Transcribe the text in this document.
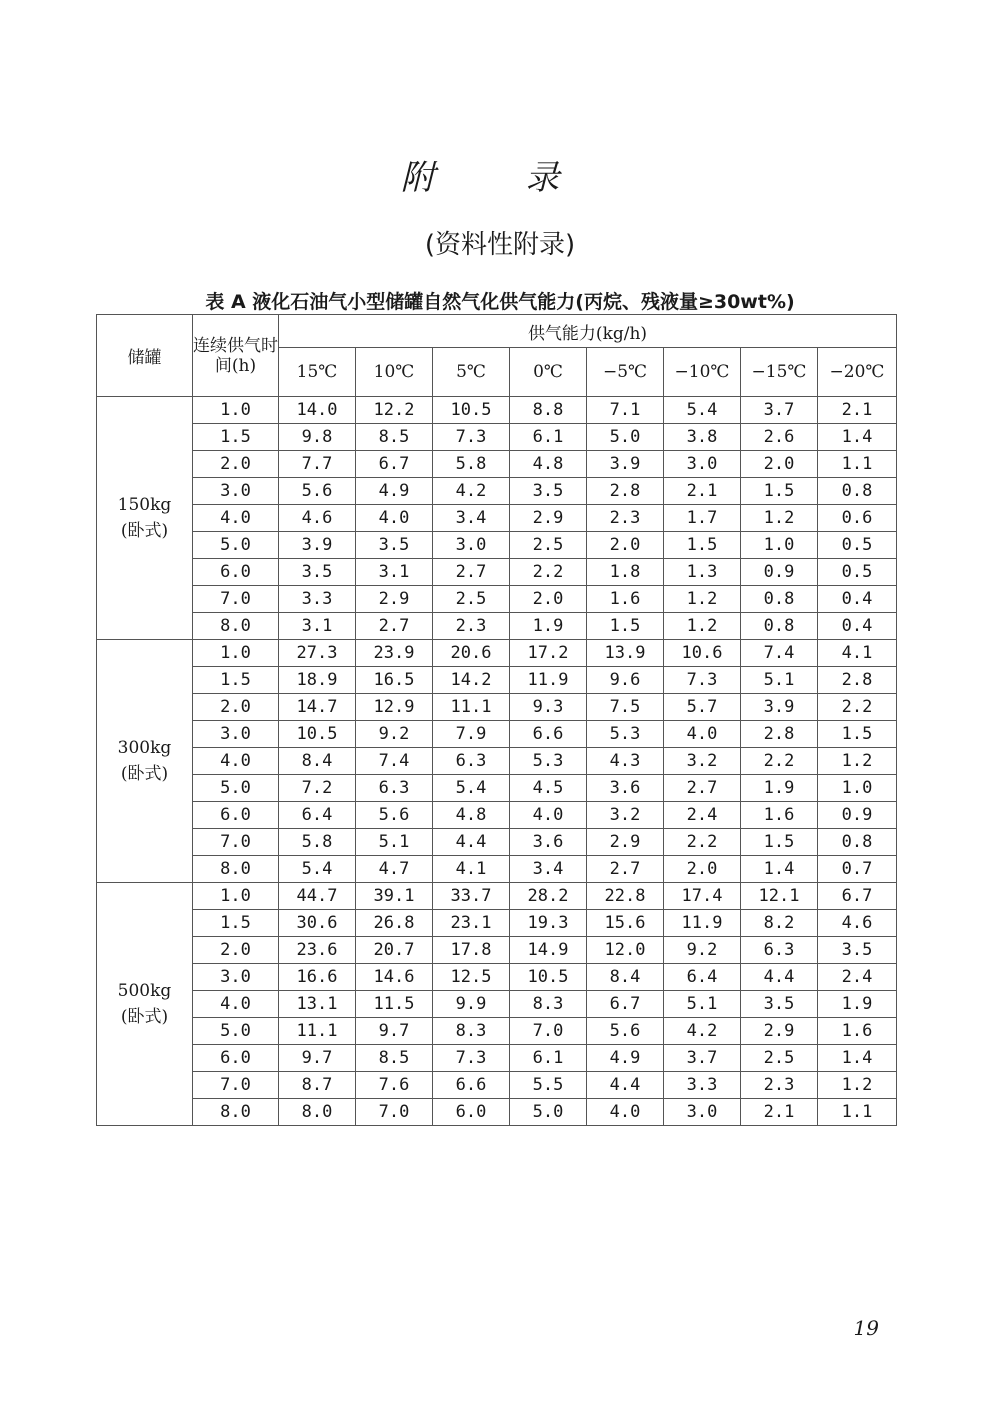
附 录
(资料性附录)
表 A 液化石油气小型储罐自然气化供气能力(丙烷、残液量≥30wt%)
储罐	连续供气时间(h)	供气能力(kg/h)							
		15℃	10℃	5℃	0℃	−5℃	−10℃	−15℃	−20℃

150kg
(卧式)	1.0	14.0	12.2	10.5	8.8	7.1	5.4	3.7	2.1
	1.5	9.8	8.5	7.3	6.1	5.0	3.8	2.6	1.4
	2.0	7.7	6.7	5.8	4.8	3.9	3.0	2.0	1.1
	3.0	5.6	4.9	4.2	3.5	2.8	2.1	1.5	0.8
	4.0	4.6	4.0	3.4	2.9	2.3	1.7	1.2	0.6
	5.0	3.9	3.5	3.0	2.5	2.0	1.5	1.0	0.5
	6.0	3.5	3.1	2.7	2.2	1.8	1.3	0.9	0.5
	7.0	3.3	2.9	2.5	2.0	1.6	1.2	0.8	0.4
	8.0	3.1	2.7	2.3	1.9	1.5	1.2	0.8	0.4

300kg
(卧式)	1.0	27.3	23.9	20.6	17.2	13.9	10.6	7.4	4.1
	1.5	18.9	16.5	14.2	11.9	9.6	7.3	5.1	2.8
	2.0	14.7	12.9	11.1	9.3	7.5	5.7	3.9	2.2
	3.0	10.5	9.2	7.9	6.6	5.3	4.0	2.8	1.5
	4.0	8.4	7.4	6.3	5.3	4.3	3.2	2.2	1.2
	5.0	7.2	6.3	5.4	4.5	3.6	2.7	1.9	1.0
	6.0	6.4	5.6	4.8	4.0	3.2	2.4	1.6	0.9
	7.0	5.8	5.1	4.4	3.6	2.9	2.2	1.5	0.8
	8.0	5.4	4.7	4.1	3.4	2.7	2.0	1.4	0.7

500kg
(卧式)	1.0	44.7	39.1	33.7	28.2	22.8	17.4	12.1	6.7
	1.5	30.6	26.8	23.1	19.3	15.6	11.9	8.2	4.6
	2.0	23.6	20.7	17.8	14.9	12.0	9.2	6.3	3.5
	3.0	16.6	14.6	12.5	10.5	8.4	6.4	4.4	2.4
	4.0	13.1	11.5	9.9	8.3	6.7	5.1	3.5	1.9
	5.0	11.1	9.7	8.3	7.0	5.6	4.2	2.9	1.6
	6.0	9.7	8.5	7.3	6.1	4.9	3.7	2.5	1.4
	7.0	8.7	7.6	6.6	5.5	4.4	3.3	2.3	1.2
	8.0	8.0	7.0	6.0	5.0	4.0	3.0	2.1	1.1
19
